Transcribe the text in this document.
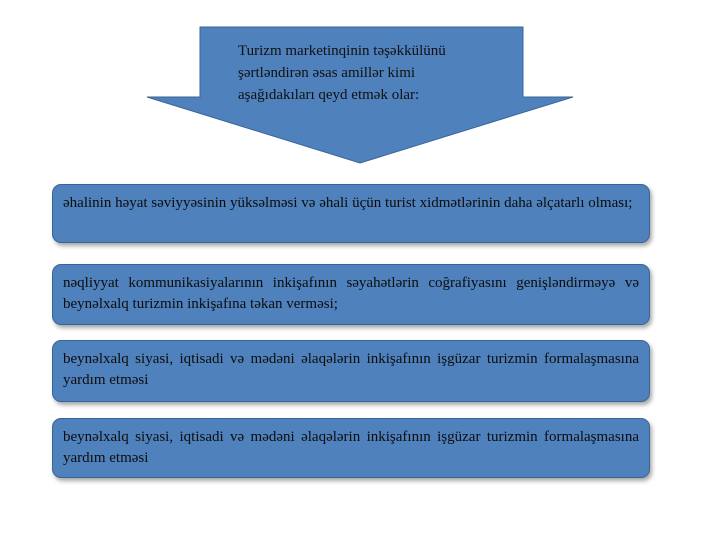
Turizm marketinqinin təşəkkülünü
şərtləndirən əsas amillər kimi
aşağıdakıları qeyd etmək olar:
əhalinin həyat səviyyəsinin yüksəlməsi və əhali üçün turist xidmətlərinin daha əlçatarlı olması;
nəqliyyat kommunikasiyalarının inkişafının səyahətlərin coğrafiyasını genişləndirməyə və beynəlxalq turizmin inkişafına təkan verməsi;
beynəlxalq siyasi, iqtisadi və mədəni əlaqələrin inkişafının işgüzar turizmin formalaşmasına yardım etməsi
beynəlxalq siyasi, iqtisadi və mədəni əlaqələrin inkişafının işgüzar turizmin formalaşmasına yardım etməsi
